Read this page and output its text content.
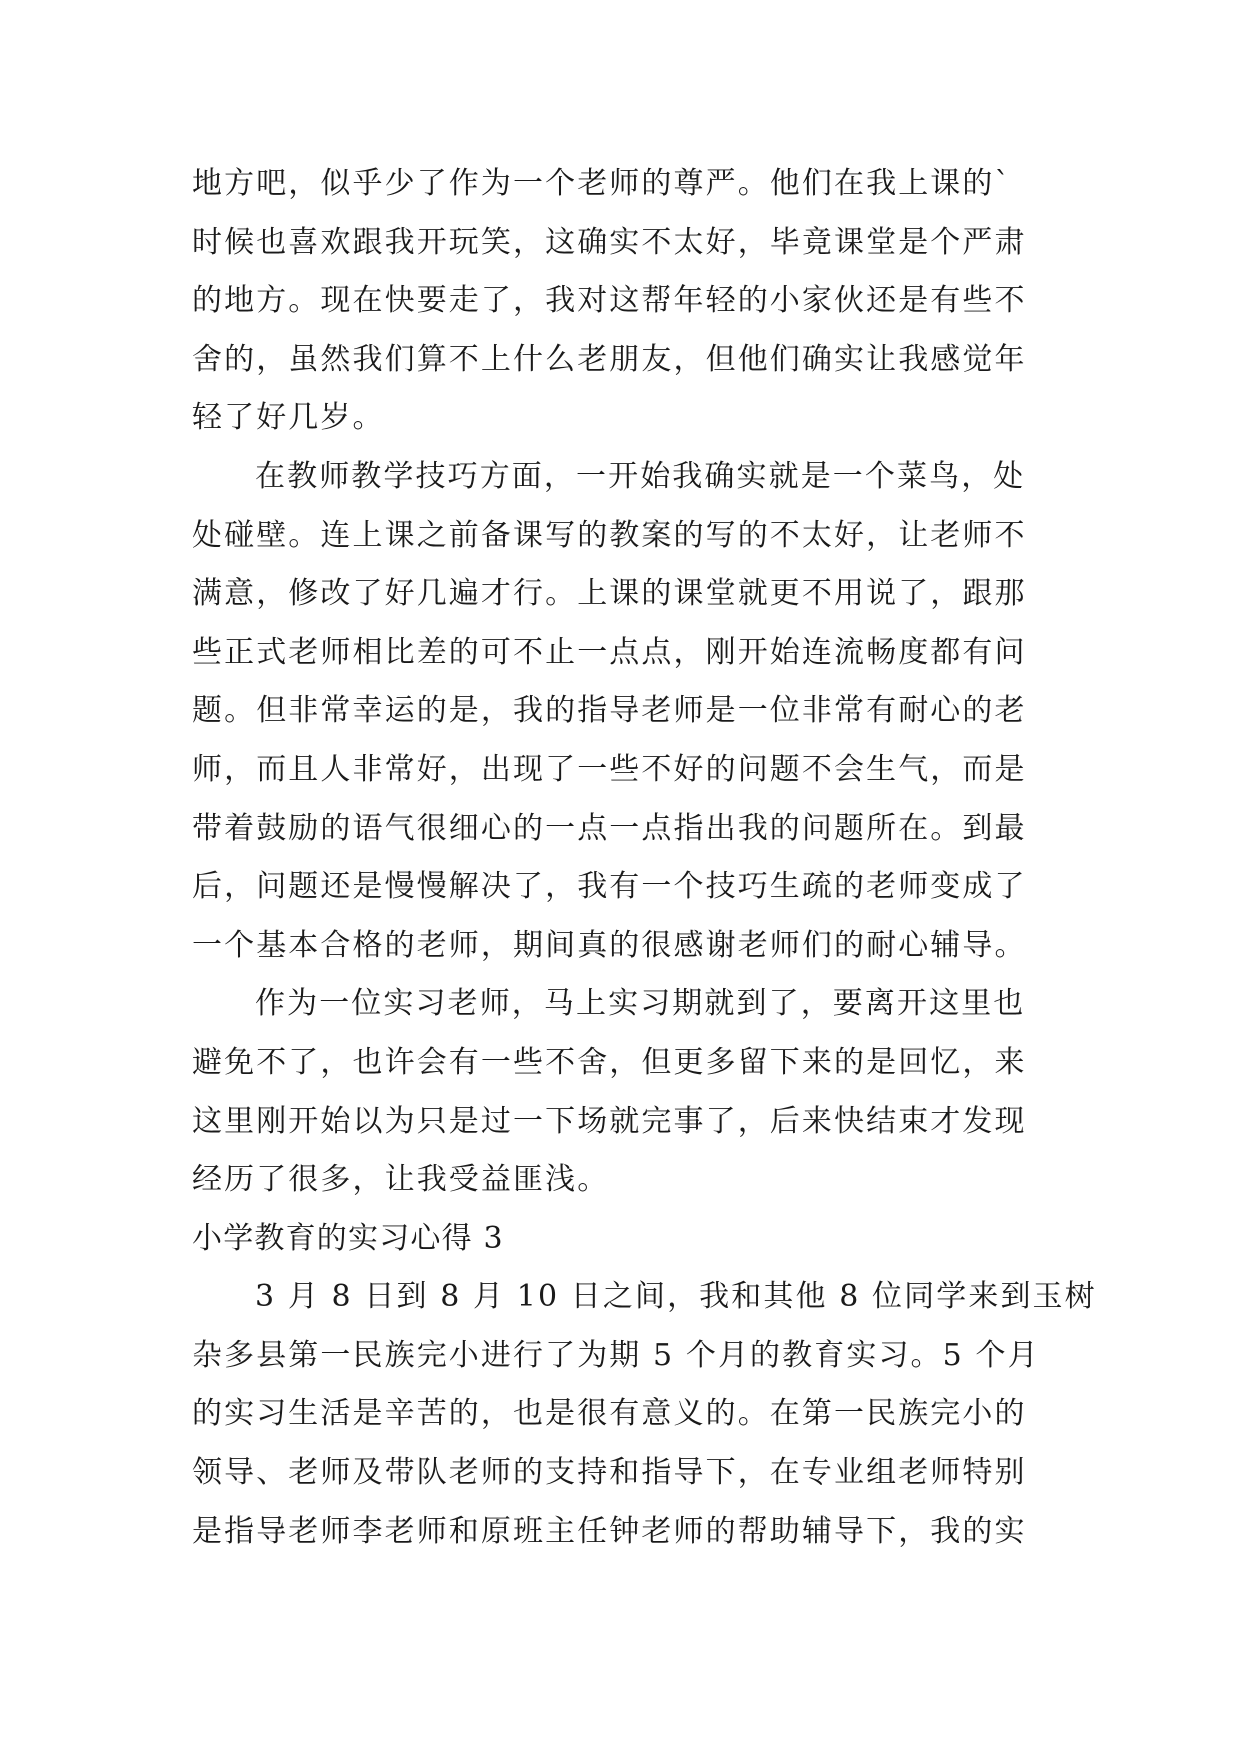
地方吧，似乎少了作为一个老师的尊严。他们在我上课的`
时候也喜欢跟我开玩笑，这确实不太好，毕竟课堂是个严肃
的地方。现在快要走了，我对这帮年轻的小家伙还是有些不
舍的，虽然我们算不上什么老朋友，但他们确实让我感觉年
轻了好几岁。
在教师教学技巧方面，一开始我确实就是一个菜鸟，处
处碰壁。连上课之前备课写的教案的写的不太好，让老师不
满意，修改了好几遍才行。上课的课堂就更不用说了，跟那
些正式老师相比差的可不止一点点，刚开始连流畅度都有问
题。但非常幸运的是，我的指导老师是一位非常有耐心的老
师，而且人非常好，出现了一些不好的问题不会生气，而是
带着鼓励的语气很细心的一点一点指出我的问题所在。到最
后，问题还是慢慢解决了，我有一个技巧生疏的老师变成了
一个基本合格的老师，期间真的很感谢老师们的耐心辅导。
作为一位实习老师，马上实习期就到了，要离开这里也
避免不了，也许会有一些不舍，但更多留下来的是回忆，来
这里刚开始以为只是过一下场就完事了，后来快结束才发现
经历了很多，让我受益匪浅。
小学教育的实习心得 3
3 月 8 日到 8 月 10 日之间，我和其他 8 位同学来到玉树
杂多县第一民族完小进行了为期 5 个月的教育实习。5 个月
的实习生活是辛苦的，也是很有意义的。在第一民族完小的
领导、老师及带队老师的支持和指导下，在专业组老师特别
是指导老师李老师和原班主任钟老师的帮助辅导下，我的实
